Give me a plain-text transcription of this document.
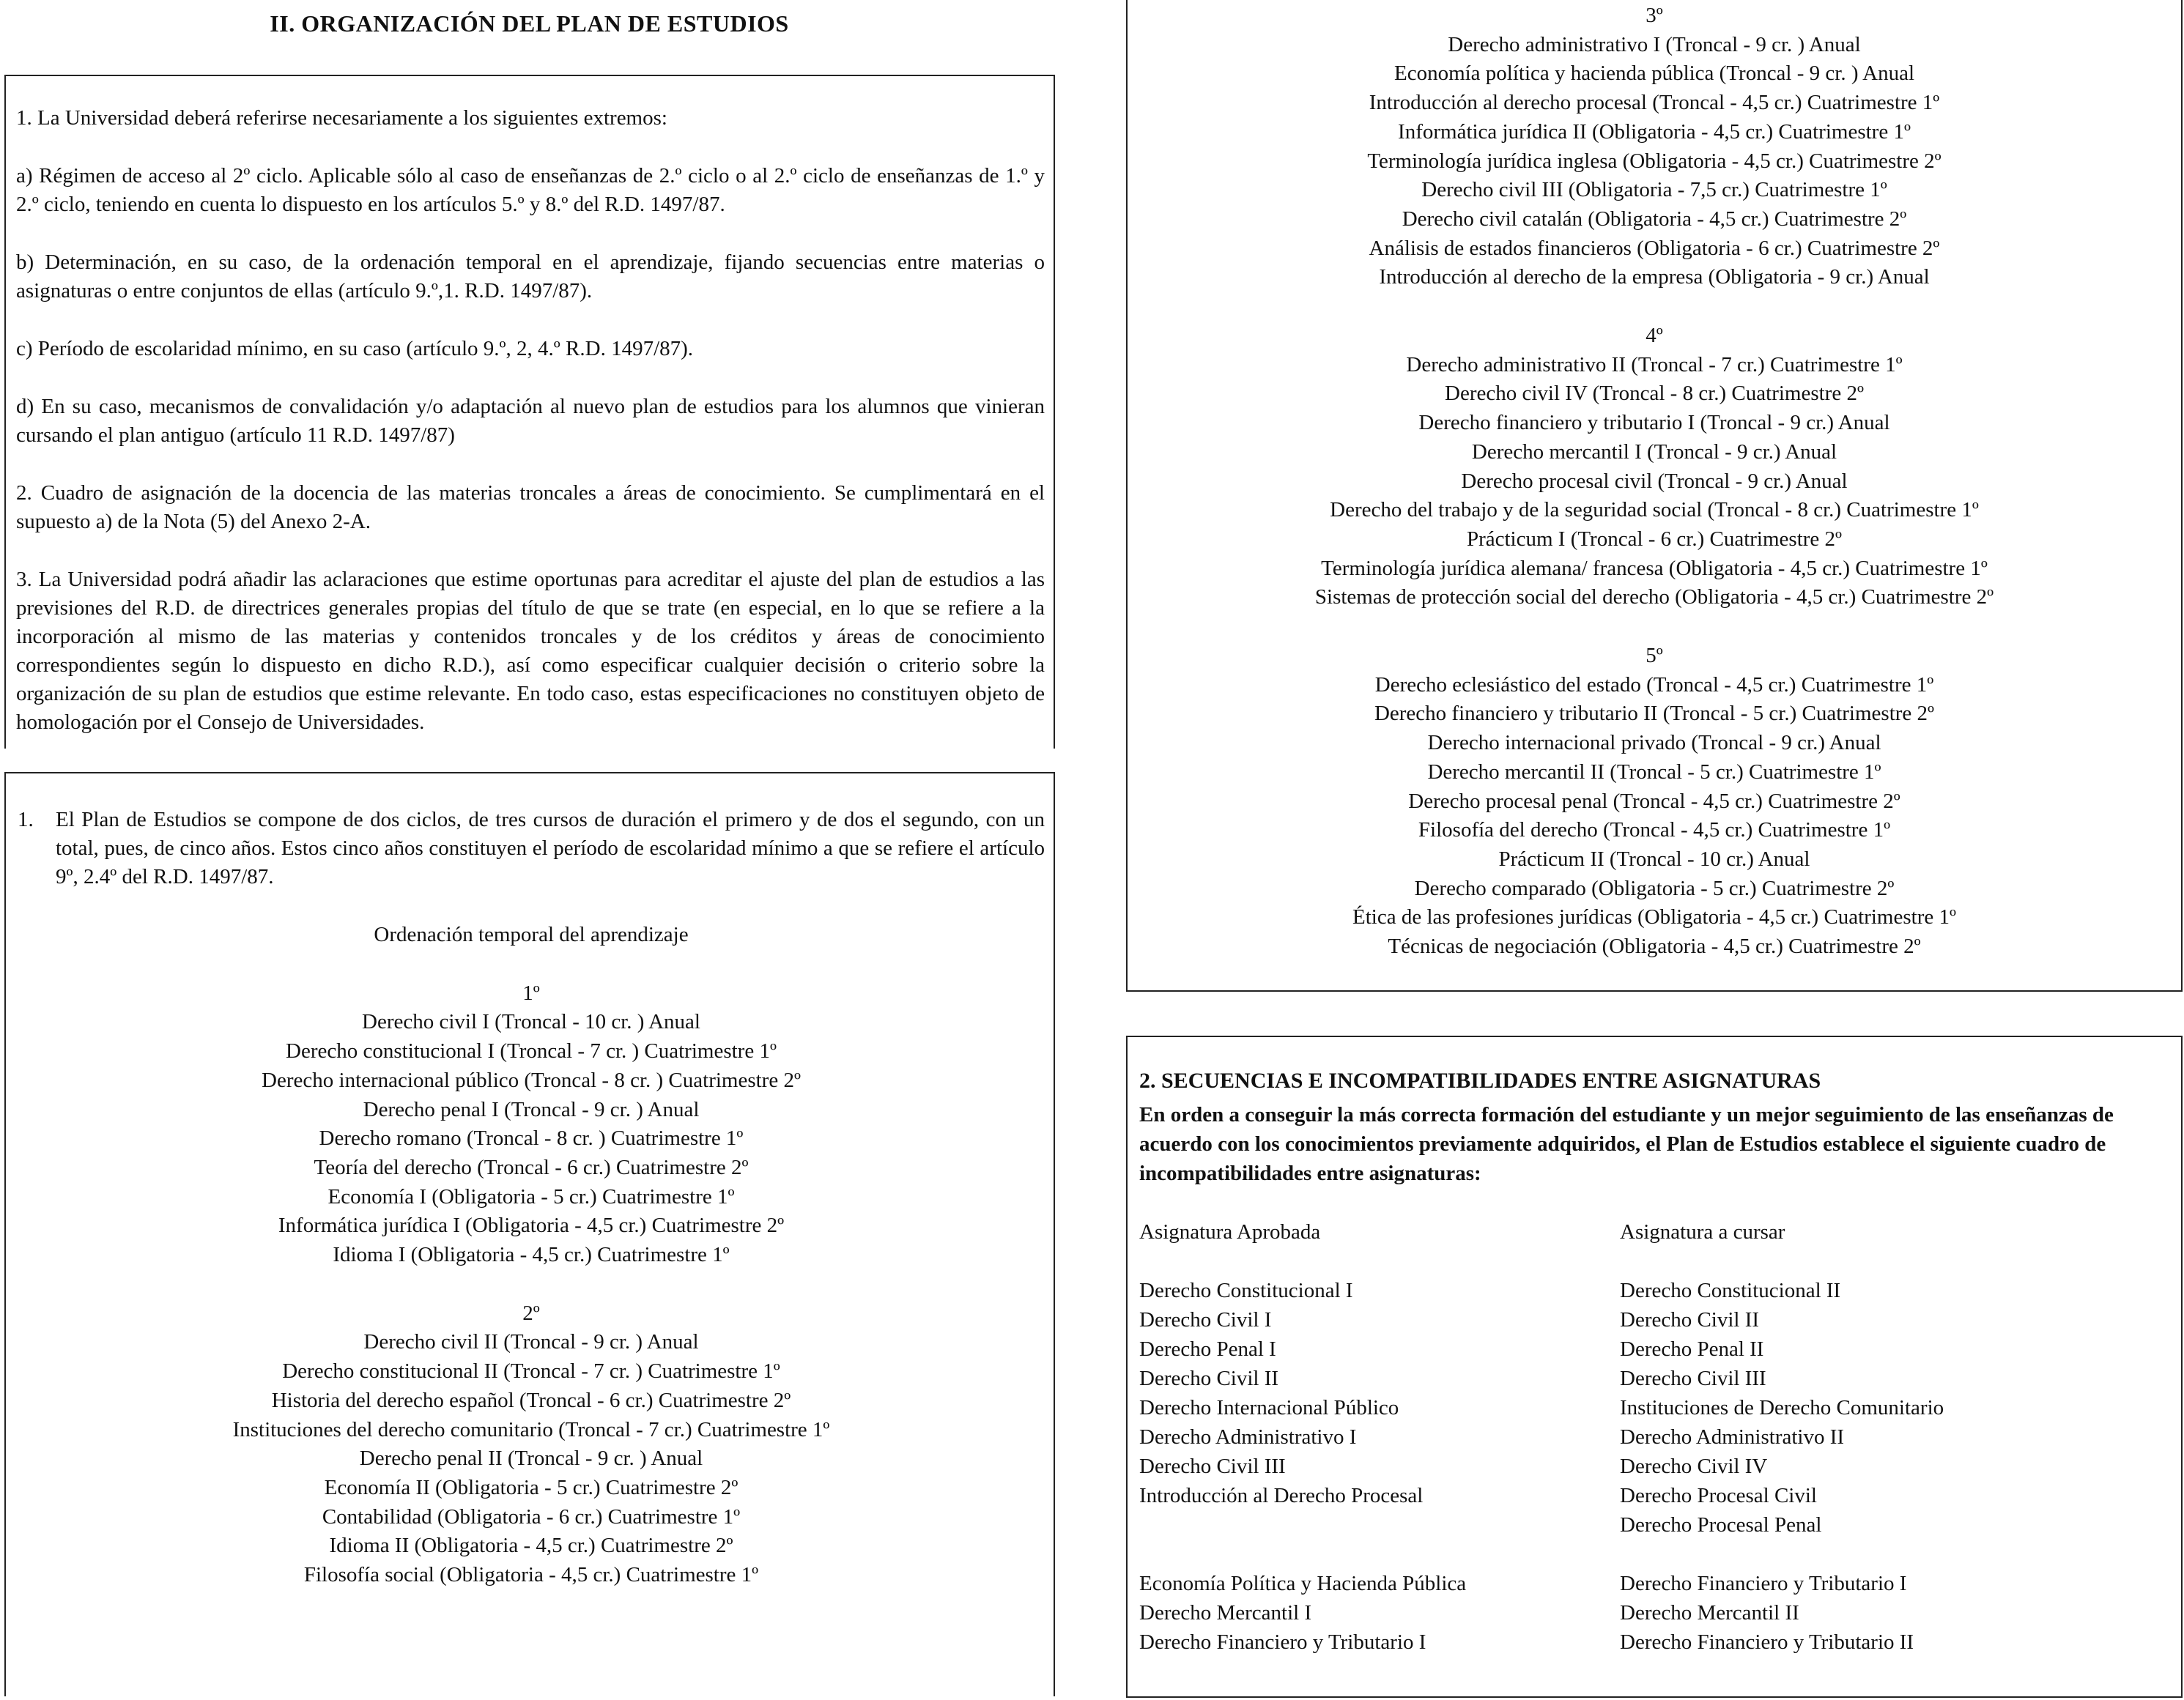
II. ORGANIZACIÓN DEL PLAN DE ESTUDIOS

1. La Universidad deberá referirse necesariamente a los siguientes extremos:

a) Régimen de acceso al 2º ciclo. Aplicable sólo al caso de enseñanzas de 2.º ciclo o al 2.º ciclo de enseñanzas de 1.º y 2.º ciclo, teniendo en cuenta lo dispuesto en los artículos 5.º y 8.º del R.D. 1497/87.

b) Determinación, en su caso, de la ordenación temporal en el aprendizaje, fijando secuencias entre materias o asignaturas o entre conjuntos de ellas (artículo 9.º,1. R.D. 1497/87).

c) Período de escolaridad mínimo, en su caso (artículo 9.º, 2, 4.º R.D. 1497/87).

d) En su caso, mecanismos de convalidación y/o adaptación al nuevo plan de estudios para los alumnos que vinieran cursando el plan antiguo (artículo 11 R.D. 1497/87)

2. Cuadro de asignación de la docencia de las materias troncales a áreas de conocimiento. Se cumplimentará en el supuesto a) de la Nota (5) del Anexo 2-A.

3. La Universidad podrá añadir las aclaraciones que estime oportunas para acreditar el ajuste del plan de estudios a las previsiones del R.D. de directrices generales propias del título de que se trate (en especial, en lo que se refiere a la incorporación al mismo de las materias y contenidos troncales y de los créditos y áreas de conocimiento correspondientes según lo dispuesto en dicho R.D.), así como especificar cualquier decisión o criterio sobre la organización de su plan de estudios que estime relevante. En todo caso, estas especificaciones no constituyen objeto de homologación por el Consejo de Universidades.

1.	El Plan de Estudios se compone de dos ciclos, de tres cursos de duración el primero y de dos el segundo, con un total, pues, de cinco años. Estos cinco años constituyen el período de escolaridad mínimo a que se refiere el artículo 9º, 2.4º del R.D. 1497/87.
Ordenación temporal del aprendizaje
1º
Derecho civil I (Troncal - 10 cr. ) Anual
Derecho constitucional I (Troncal - 7 cr. ) Cuatrimestre 1º
Derecho internacional público (Troncal - 8 cr. ) Cuatrimestre 2º
Derecho penal I (Troncal - 9 cr. ) Anual
Derecho romano (Troncal - 8 cr. ) Cuatrimestre 1º
Teoría del derecho (Troncal - 6 cr.) Cuatrimestre 2º
Economía I (Obligatoria - 5 cr.) Cuatrimestre 1º
Informática jurídica I (Obligatoria - 4,5 cr.) Cuatrimestre 2º
Idioma I (Obligatoria - 4,5 cr.) Cuatrimestre 1º
2º
Derecho civil II (Troncal - 9 cr. ) Anual
Derecho constitucional II (Troncal - 7 cr. ) Cuatrimestre 1º
Historia del derecho español (Troncal - 6 cr.) Cuatrimestre 2º
Instituciones del derecho comunitario (Troncal - 7 cr.) Cuatrimestre 1º
Derecho penal II (Troncal - 9 cr. ) Anual
Economía II (Obligatoria - 5 cr.) Cuatrimestre 2º
Contabilidad (Obligatoria - 6 cr.) Cuatrimestre 1º
Idioma II (Obligatoria - 4,5 cr.) Cuatrimestre 2º
Filosofía social (Obligatoria - 4,5 cr.) Cuatrimestre 1º
3º
Derecho administrativo I (Troncal - 9 cr. ) Anual
Economía política y hacienda pública (Troncal - 9 cr. ) Anual
Introducción al derecho procesal (Troncal - 4,5 cr.) Cuatrimestre 1º
Informática jurídica II (Obligatoria - 4,5 cr.) Cuatrimestre 1º
Terminología jurídica inglesa (Obligatoria - 4,5 cr.) Cuatrimestre 2º
Derecho civil III (Obligatoria - 7,5 cr.) Cuatrimestre 1º
Derecho civil catalán (Obligatoria - 4,5 cr.) Cuatrimestre 2º
Análisis de estados financieros (Obligatoria - 6 cr.) Cuatrimestre 2º
Introducción al derecho de la empresa (Obligatoria - 9 cr.) Anual
4º
Derecho administrativo II (Troncal - 7 cr.) Cuatrimestre 1º
Derecho civil IV (Troncal - 8 cr.) Cuatrimestre 2º
Derecho financiero y tributario I (Troncal - 9 cr.) Anual
Derecho mercantil I (Troncal - 9 cr.) Anual
Derecho procesal civil (Troncal - 9 cr.) Anual
Derecho del trabajo y de la seguridad social (Troncal - 8 cr.) Cuatrimestre 1º
Prácticum I (Troncal - 6 cr.) Cuatrimestre 2º
Terminología jurídica alemana/ francesa (Obligatoria - 4,5 cr.) Cuatrimestre 1º
Sistemas de protección social del derecho (Obligatoria - 4,5 cr.) Cuatrimestre 2º
5º
Derecho eclesiástico del estado (Troncal - 4,5 cr.) Cuatrimestre 1º
Derecho financiero y tributario II (Troncal - 5 cr.) Cuatrimestre 2º
Derecho internacional privado (Troncal - 9 cr.) Anual
Derecho mercantil II (Troncal - 5 cr.) Cuatrimestre 1º
Derecho procesal penal (Troncal - 4,5 cr.) Cuatrimestre 2º
Filosofía del derecho (Troncal - 4,5 cr.) Cuatrimestre 1º
Prácticum II (Troncal - 10 cr.) Anual
Derecho comparado (Obligatoria - 5 cr.) Cuatrimestre 2º
Ética de las profesiones jurídicas (Obligatoria - 4,5 cr.) Cuatrimestre 1º
Técnicas de negociación (Obligatoria - 4,5 cr.) Cuatrimestre 2º
2. SECUENCIAS E INCOMPATIBILIDADES ENTRE ASIGNATURAS
En orden a conseguir la más correcta formación del estudiante y un mejor seguimiento de las enseñanzas de acuerdo con los conocimientos previamente adquiridos, el Plan de Estudios establece el siguiente cuadro de incompatibilidades entre asignaturas:
Asignatura Aprobada
Derecho Constitucional I
Derecho Civil I
Derecho Penal I
Derecho Civil II
Derecho Internacional Público
Derecho Administrativo I
Derecho Civil III
Introducción al Derecho Procesal
Economía Política y Hacienda Pública
Derecho Mercantil I
Derecho Financiero y Tributario I
Asignatura a cursar
Derecho Constitucional II
Derecho Civil II
Derecho Penal II
Derecho Civil III
Instituciones de Derecho Comunitario
Derecho Administrativo II
Derecho Civil IV
Derecho Procesal Civil
Derecho Procesal Penal
Derecho Financiero y Tributario I
Derecho Mercantil II
Derecho Financiero y Tributario II
